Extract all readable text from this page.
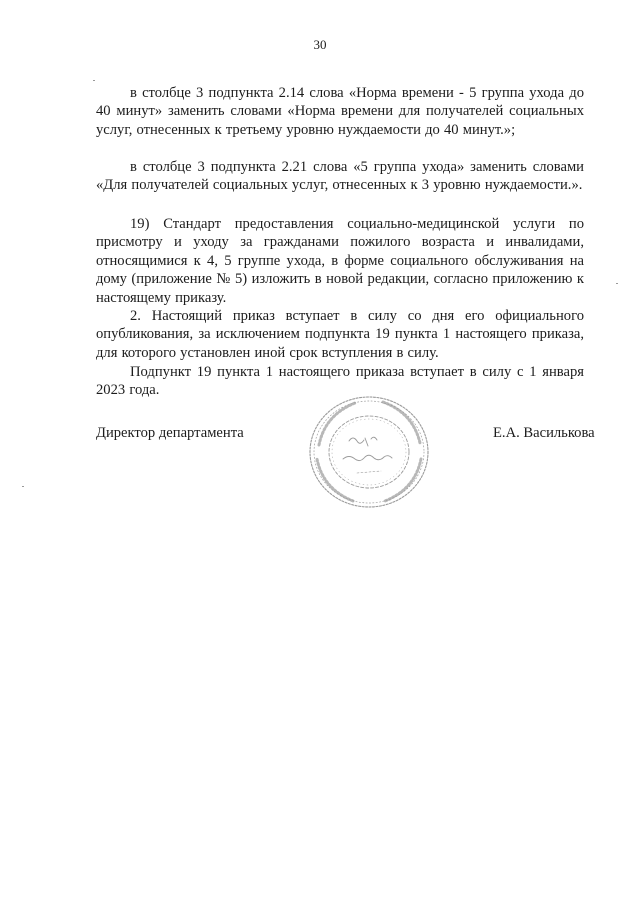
30

в столбце 3 подпункта 2.14 слова «Норма времени - 5 группа ухода до 40 минут» заменить словами «Норма времени для получателей социальных услуг, отнесенных к третьему уровню нуждаемости до 40 минут.»;

в столбце 3 подпункта 2.21 слова «5 группа ухода» заменить словами «Для получателей социальных услуг, отнесенных к 3 уровню нуждаемости.».

19) Стандарт предоставления социально-медицинской услуги по присмотру и уходу за гражданами пожилого возраста и инвалидами, относящимися к 4, 5 группе ухода, в форме социального обслуживания на дому (приложение № 5) изложить в новой редакции, согласно приложению к настоящему приказу.

2. Настоящий приказ вступает в силу со дня его официального опубликования, за исключением подпункта 19 пункта 1 настоящего приказа, для которого установлен иной срок вступления в силу.

Подпункт 19 пункта 1 настоящего приказа вступает в силу с 1 января 2023 года.

Директор департамента	Е.А. Василькова
